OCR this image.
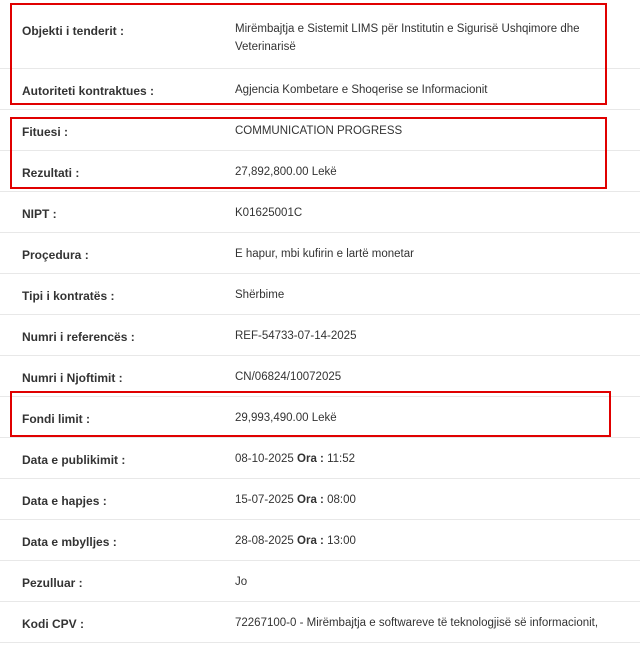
Objekti i tenderit :	Mirëmbajtja e Sistemit LIMS për Institutin e Sigurisë Ushqimore dhe Veterinarisë
Autoriteti kontraktues :	Agjencia Kombetare e Shoqerise se Informacionit
Fituesi :	COMMUNICATION PROGRESS
Rezultati :	27,892,800.00 Lekë
NIPT :	K01625001C
Proçedura :	E hapur, mbi kufirin e lartë monetar
Tipi i kontratës :	Shërbime
Numri i referencës :	REF-54733-07-14-2025
Numri i Njoftimit :	CN/06824/10072025
Fondi limit :	29,993,490.00 Lekë
Data e publikimit :	08-10-2025 Ora : 11:52
Data e hapjes :	15-07-2025 Ora : 08:00
Data e mbylljes :	28-08-2025 Ora : 13:00
Pezulluar :	Jo
Kodi CPV :	72267100-0 - Mirëmbajtja e softwareve të teknologjisë së informacionit,
